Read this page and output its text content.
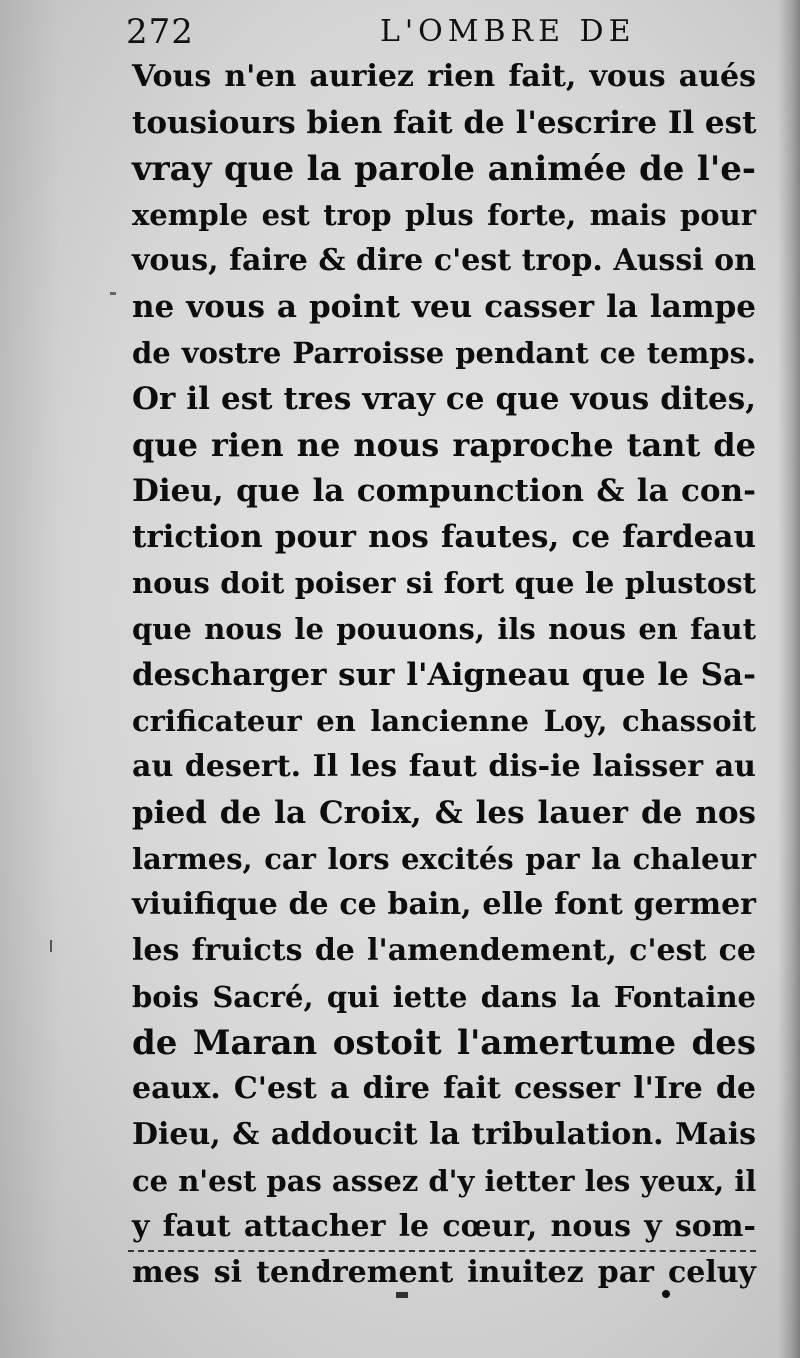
272	L'OMBRE DE
Vous n'en auriez rien fait, vous aués
tousiours bien fait de l'escrire Il est
vray que la parole animée de l'e-
xemple est trop plus forte, mais pour
vous, faire & dire c'est trop. Aussi on
ne vous a point veu casser la lampe
de vostre Parroisse pendant ce temps.
Or il est tres vray ce que vous dites,
que rien ne nous raproche tant de
Dieu, que la compunction & la con-
triction pour nos fautes, ce fardeau
nous doit poiser si fort que le plustost
que nous le pouuons, ils nous en faut
descharger sur l'Aigneau que le Sa-
crificateur en lancienne Loy, chassoit
au desert. Il les faut dis-ie laisser au
pied de la Croix, & les lauer de nos
larmes, car lors excités par la chaleur
viuifique de ce bain, elle font germer
les fruicts de l'amendement, c'est ce
bois Sacré, qui iette dans la Fontaine
de Maran ostoit l'amertume des
eaux. C'est a dire fait cesser l'Ire de
Dieu, & addoucit la tribulation. Mais
ce n'est pas assez d'y ietter les yeux, il
y faut attacher le cœur, nous y som-
mes si tendrement inuitez par celuy
